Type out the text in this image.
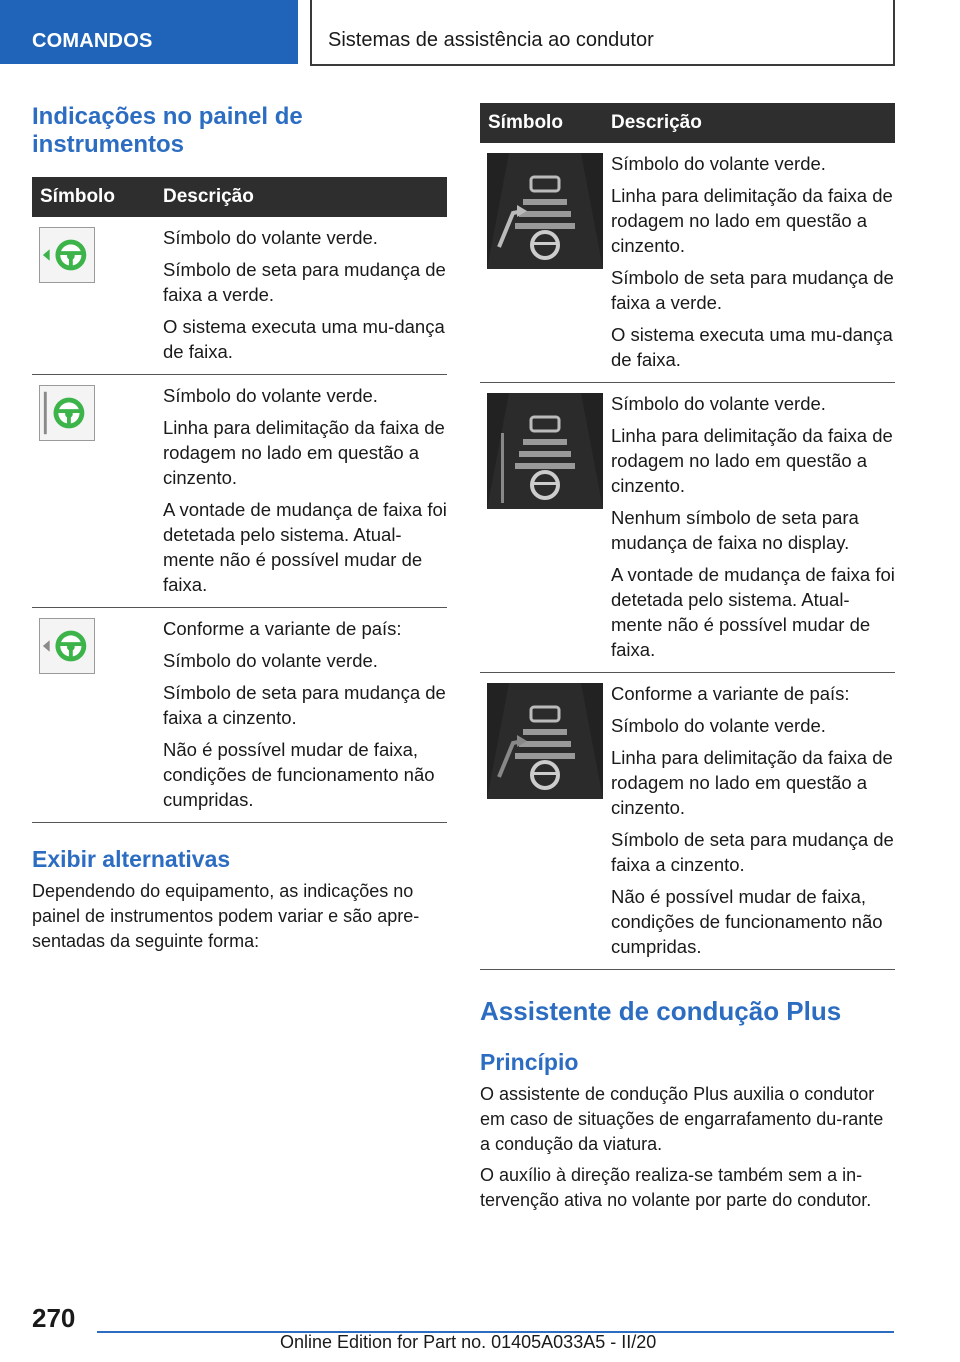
COMANDOS	Sistemas de assistência ao condutor
Indicações no painel de instrumentos
Símbolo	Descrição

Símbolo do volante verde.
Símbolo de seta para mudança de faixa a verde.
O sistema executa uma mu-dança de faixa.

Símbolo do volante verde.
Linha para delimitação da faixa de rodagem no lado em questão a cinzento.
A vontade de mudança de faixa foi detetada pelo sistema. Atual-mente não é possível mudar de faixa.

Conforme a variante de país:
Símbolo do volante verde.
Símbolo de seta para mudança de faixa a cinzento.
Não é possível mudar de faixa, condições de funcionamento não cumpridas.
Exibir alternativas

Dependendo do equipamento, as indicações no painel de instrumentos podem variar e são apre-sentadas da seguinte forma:

Símbolo	Descrição

Símbolo do volante verde.
Linha para delimitação da faixa de rodagem no lado em questão a cinzento.
Símbolo de seta para mudança de faixa a verde.
O sistema executa uma mu-dança de faixa.

Símbolo do volante verde.
Linha para delimitação da faixa de rodagem no lado em questão a cinzento.
Nenhum símbolo de seta para mudança de faixa no display.
A vontade de mudança de faixa foi detetada pelo sistema. Atual-mente não é possível mudar de faixa.

Conforme a variante de país:
Símbolo do volante verde.
Linha para delimitação da faixa de rodagem no lado em questão a cinzento.
Símbolo de seta para mudança de faixa a cinzento.
Não é possível mudar de faixa, condições de funcionamento não cumpridas.
Assistente de condução Plus
Princípio

O assistente de condução Plus auxilia o condutor em caso de situações de engarrafamento du-rante a condução da viatura.

O auxílio à direção realiza-se também sem a in-tervenção ativa no volante por parte do condutor.

270
Online Edition for Part no. 01405A033A5 - II/20
